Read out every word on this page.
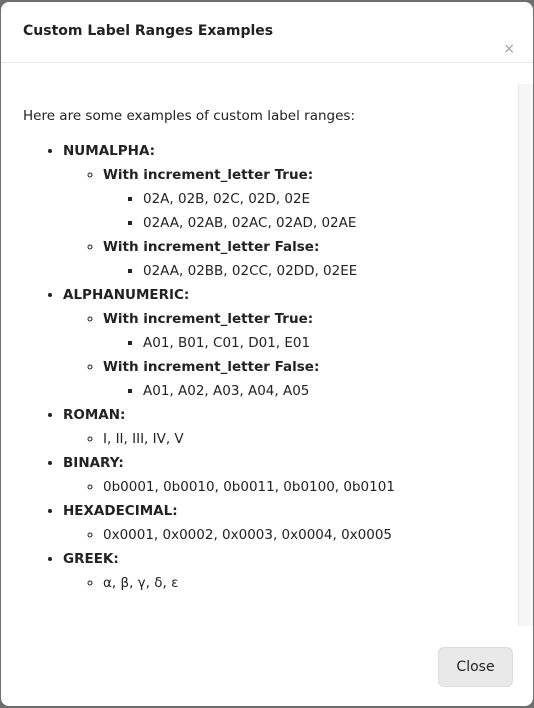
Custom Label Ranges Examples
×

Here are some examples of custom label ranges:

• NUMALPHA:
◦ With increment_letter True:
▪ 02A, 02B, 02C, 02D, 02E
▪ 02AA, 02AB, 02AC, 02AD, 02AE
◦ With increment_letter False:
▪ 02AA, 02BB, 02CC, 02DD, 02EE
• ALPHANUMERIC:
◦ With increment_letter True:
▪ A01, B01, C01, D01, E01
◦ With increment_letter False:
▪ A01, A02, A03, A04, A05
• ROMAN:
◦ I, II, III, IV, V
• BINARY:
◦ 0b0001, 0b0010, 0b0011, 0b0100, 0b0101
• HEXADECIMAL:
◦ 0x0001, 0x0002, 0x0003, 0x0004, 0x0005
• GREEK:
◦ α, β, γ, δ, ε
Close
